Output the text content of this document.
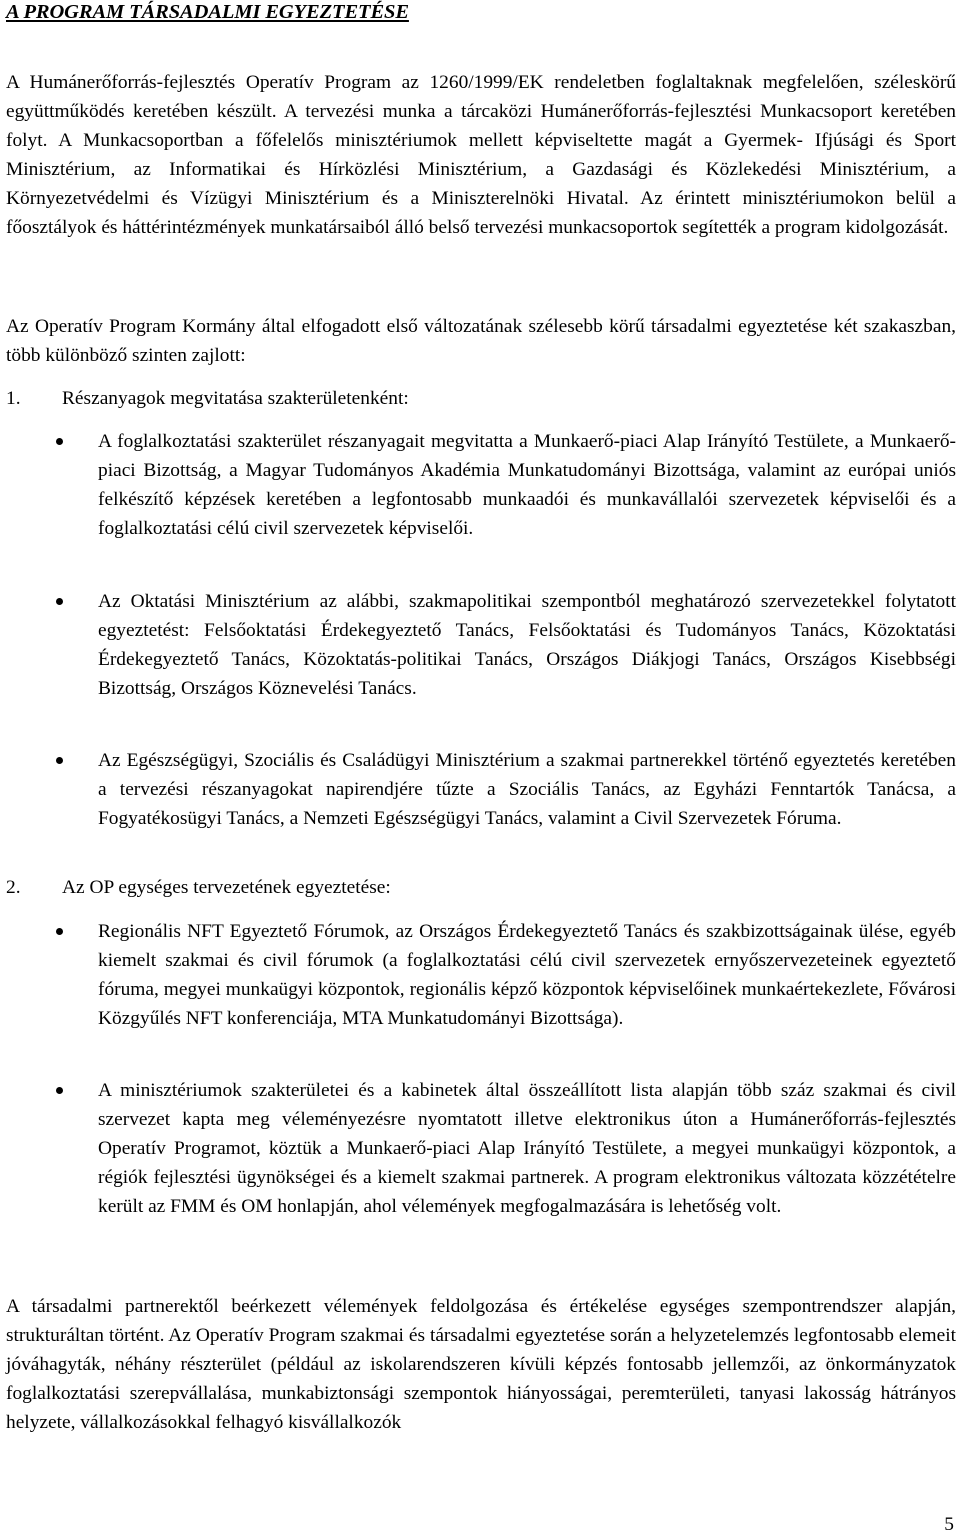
A PROGRAM TÁRSADALMI EGYEZTETÉSE

A Humánerőforrás-fejlesztés Operatív Program az 1260/1999/EK rendeletben foglaltaknak megfelelően, széleskörű együttműködés keretében készült. A tervezési munka a tárcaközi Humánerőforrás-fejlesztési Munkacsoport keretében folyt. A Munkacsoportban a főfelelős minisztériumok mellett képviseltette magát a Gyermek- Ifjúsági és Sport Minisztérium, az Informatikai és Hírközlési Minisztérium, a Gazdasági és Közlekedési Minisztérium, a Környezetvédelmi és Vízügyi Minisztérium és a Miniszterelnöki Hivatal. Az érintett minisztériumokon belül a főosztályok és háttérintézmények munkatársaiból álló belső tervezési munkacsoportok segítették a program kidolgozását.

Az Operatív Program Kormány által elfogadott első változatának szélesebb körű társadalmi egyeztetése két szakaszban, több különböző szinten zajlott:

1. Részanyagok megvitatása szakterületenként:

A foglalkoztatási szakterület részanyagait megvitatta a Munkaerő-piaci Alap Irányító Testülete, a Munkaerő-piaci Bizottság, a Magyar Tudományos Akadémia Munkatudományi Bizottsága, valamint az európai uniós felkészítő képzések keretében a legfontosabb munkaadói és munkavállalói szervezetek képviselői és a foglalkoztatási célú civil szervezetek képviselői.

Az Oktatási Minisztérium az alábbi, szakmapolitikai szempontból meghatározó szervezetekkel folytatott egyeztetést: Felsőoktatási Érdekegyeztető Tanács, Felsőoktatási és Tudományos Tanács, Közoktatási Érdekegyeztető Tanács, Közoktatás-politikai Tanács, Országos Diákjogi Tanács, Országos Kisebbségi Bizottság, Országos Köznevelési Tanács.

Az Egészségügyi, Szociális és Családügyi Minisztérium a szakmai partnerekkel történő egyeztetés keretében a tervezési részanyagokat napirendjére tűzte a Szociális Tanács, az Egyházi Fenntartók Tanácsa, a Fogyatékosügyi Tanács, a Nemzeti Egészségügyi Tanács, valamint a Civil Szervezetek Fóruma.

2. Az OP egységes tervezetének egyeztetése:

Regionális NFT Egyeztető Fórumok, az Országos Érdekegyeztető Tanács és szakbizottságainak ülése, egyéb kiemelt szakmai és civil fórumok (a foglalkoztatási célú civil szervezetek ernyőszervezeteinek egyeztető fóruma, megyei munkaügyi központok, regionális képző központok képviselőinek munkaértekezlete, Fővárosi Közgyűlés NFT konferenciája, MTA Munkatudományi Bizottsága).

A minisztériumok szakterületei és a kabinetek által összeállított lista alapján több száz szakmai és civil szervezet kapta meg véleményezésre nyomtatott illetve elektronikus úton a Humánerőforrás-fejlesztés Operatív Programot, köztük a Munkaerő-piaci Alap Irányító Testülete, a megyei munkaügyi központok, a régiók fejlesztési ügynökségei és a kiemelt szakmai partnerek. A program elektronikus változata közzétételre került az FMM és OM honlapján, ahol vélemények megfogalmazására is lehetőség volt.

A társadalmi partnerektől beérkezett vélemények feldolgozása és értékelése egységes szempontrendszer alapján, strukturáltan történt. Az Operatív Program szakmai és társadalmi egyeztetése során a helyzetelemzés legfontosabb elemeit jóváhagyták, néhány részterület (például az iskolarendszeren kívüli képzés fontosabb jellemzői, az önkormányzatok foglalkoztatási szerepvállalása, munkabiztonsági szempontok hiányosságai, peremterületi, tanyasi lakosság hátrányos helyzete, vállalkozásokkal felhagyó kisvállalkozók

5
